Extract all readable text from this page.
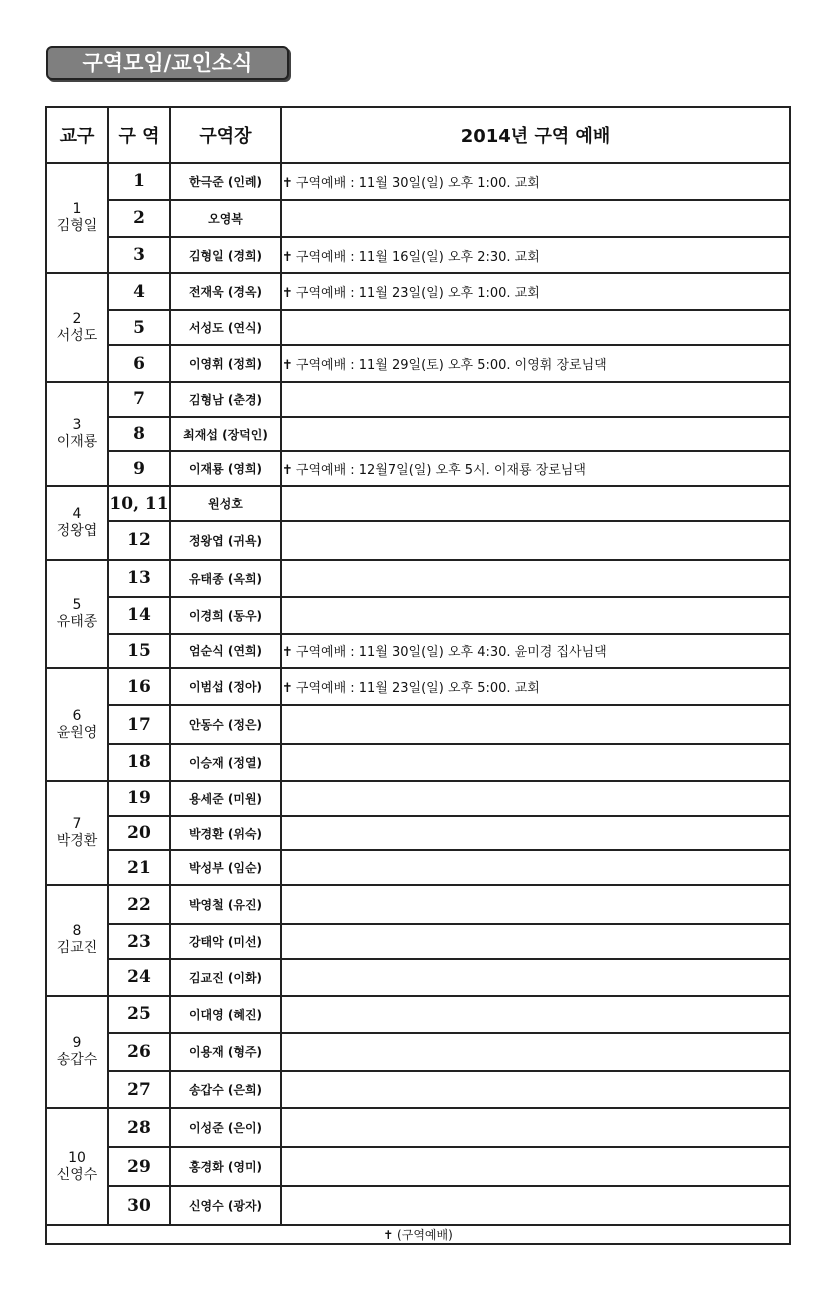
구역모임/교인소식
교구	구 역	구역장	2014년 구역 예배

1
김형일	1	한극준 (인례)	✝ 구역예배 : 11월 30일(일) 오후 1:00. 교회
	2	오영복	
	3	김형일 (경희)	✝ 구역예배 : 11월 16일(일) 오후 2:30. 교회

2
서성도	4	전재욱 (경옥)	✝ 구역예배 : 11월 23일(일) 오후 1:00. 교회
	5	서성도 (연식)	
	6	이영휘 (정희)	✝ 구역예배 : 11월 29일(토) 오후 5:00. 이영휘 장로님댁

3
이재룡	7	김형남 (춘경)	
	8	최재섭 (장덕인)	
	9	이재룡 (영희)	✝ 구역예배 : 12월7일(일) 오후 5시. 이재룡 장로님댁

4
정왕엽	10, 11	원성호	
	12	정왕엽 (귀욕)	

5
유태종	13	유태종 (옥희)	
	14	이경희 (동우)	
	15	엄순식 (연희)	✝ 구역예배 : 11월 30일(일) 오후 4:30. 윤미경 집사님댁

6
윤원영	16	이범섭 (정아)	✝ 구역예배 : 11월 23일(일) 오후 5:00. 교회
	17	안동수 (정은)	
	18	이승재 (정열)	

7
박경환	19	용세준 (미원)	
	20	박경환 (위숙)	
	21	박성부 (임순)	

8
김교진	22	박영철 (유진)	
	23	강태악 (미선)	
	24	김교진 (이화)	

9
송갑수	25	이대영 (혜진)	
	26	이용재 (형주)	
	27	송갑수 (은희)	

10
신영수	28	이성준 (은이)	
	29	홍경화 (영미)	
	30	신영수 (광자)	
✝ (구역예배)			
